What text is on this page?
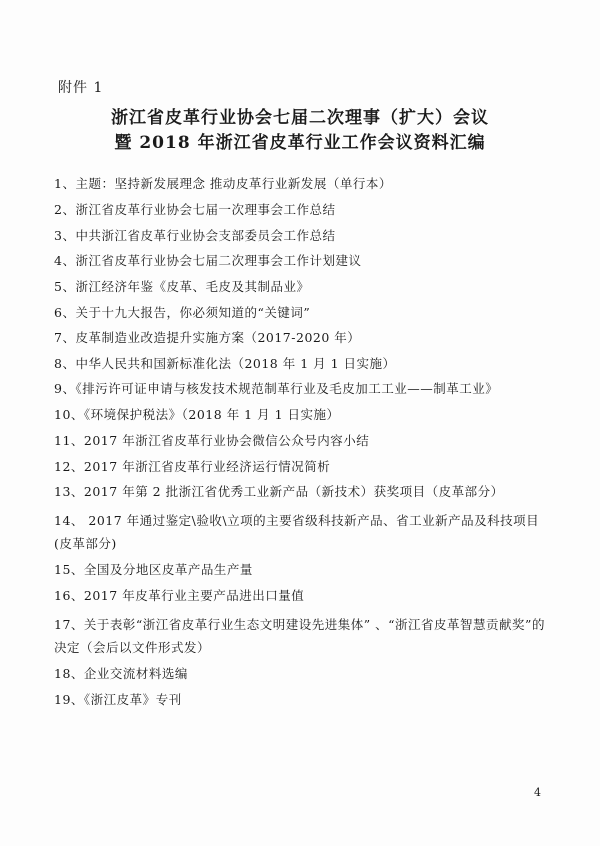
附件 1
浙江省皮革行业协会七届二次理事（扩大）会议
暨 2018 年浙江省皮革行业工作会议资料汇编
1、主题：坚持新发展理念 推动皮革行业新发展（单行本）
2、浙江省皮革行业协会七届一次理事会工作总结
3、中共浙江省皮革行业协会支部委员会工作总结
4、浙江省皮革行业协会七届二次理事会工作计划建议
5、浙江经济年鉴《皮革、毛皮及其制品业》
6、关于十九大报告，你必须知道的“关键词”
7、皮革制造业改造提升实施方案（2017-2020 年）
8、中华人民共和国新标准化法（2018 年 1 月 1 日实施）
9、《排污许可证申请与核发技术规范制革行业及毛皮加工工业——制革工业》
10、《环境保护税法》（2018 年 1 月 1 日实施）
11、2017 年浙江省皮革行业协会微信公众号内容小结
12、2017 年浙江省皮革行业经济运行情况简析
13、2017 年第 2 批浙江省优秀工业新产品（新技术）获奖项目（皮革部分）
14、 2017 年通过鉴定\验收\立项的主要省级科技新产品、省工业新产品及科技项目(皮革部分)
15、全国及分地区皮革产品生产量
16、2017 年皮革行业主要产品进出口量值
17、关于表彰“浙江省皮革行业生态文明建设先进集体” 、“浙江省皮革智慧贡献奖”的决定（会后以文件形式发）
18、企业交流材料选编
19、《浙江皮革》专刊
4
